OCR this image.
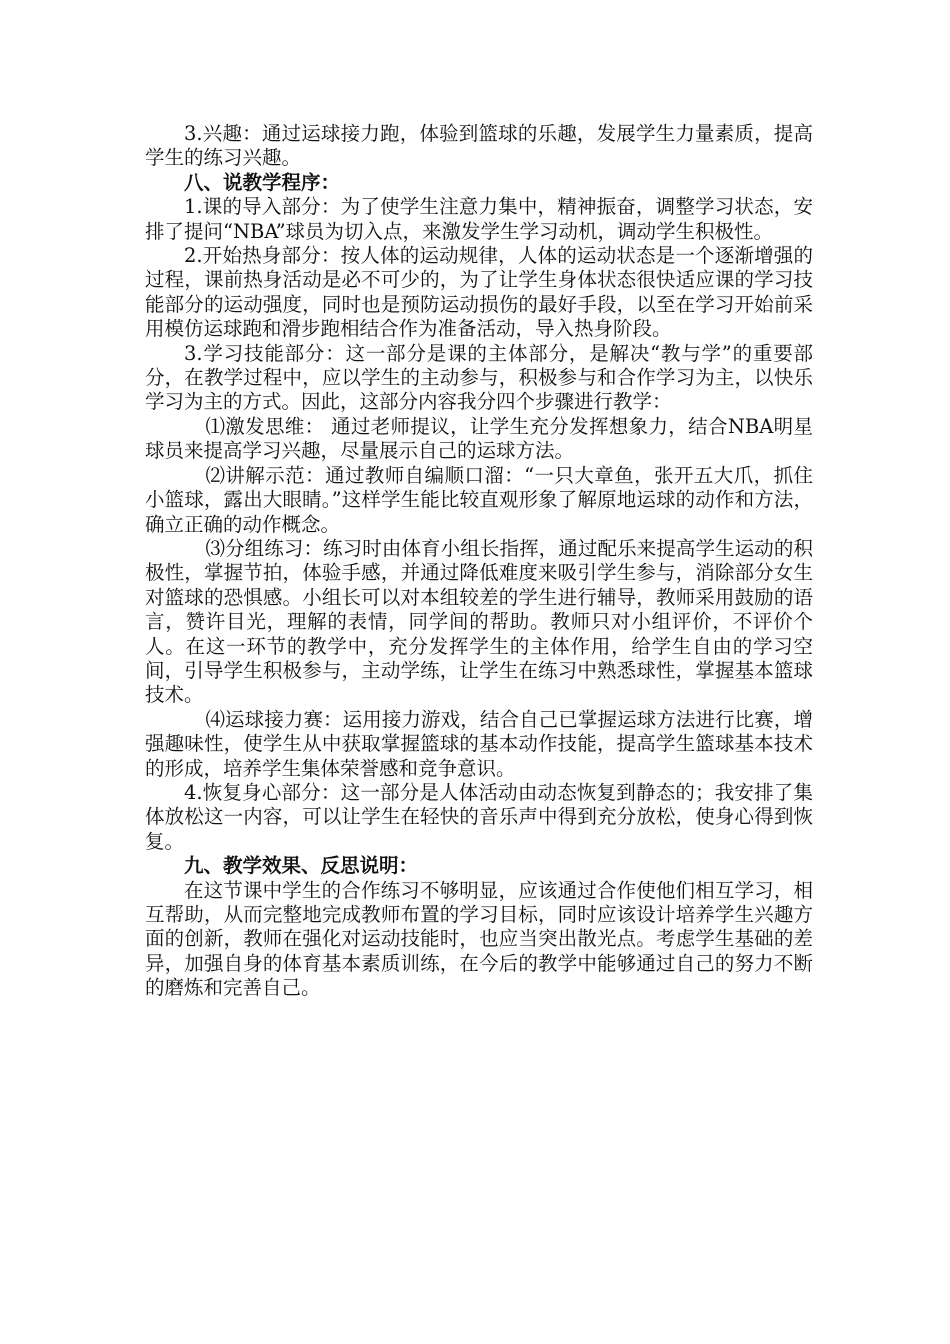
3.兴趣：通过运球接力跑，体验到篮球的乐趣，发展学生力量素质，提高学生的练习兴趣。

八、说教学程序：

1.课的导入部分：为了使学生注意力集中，精神振奋，调整学习状态，安排了提问“NBA”球员为切入点，来激发学生学习动机，调动学生积极性。

2.开始热身部分：按人体的运动规律，人体的运动状态是一个逐渐增强的过程，课前热身活动是必不可少的，为了让学生身体状态很快适应课的学习技能部分的运动强度，同时也是预防运动损伤的最好手段，以至在学习开始前采用模仿运球跑和滑步跑相结合作为准备活动，导入热身阶段。

3.学习技能部分：这一部分是课的主体部分，是解决“教与学”的重要部分，在教学过程中，应以学生的主动参与，积极参与和合作学习为主，以快乐学习为主的方式。因此，这部分内容我分四个步骤进行教学：

⑴激发思维： 通过老师提议，让学生充分发挥想象力，结合NBA明星球员来提高学习兴趣，尽量展示自己的运球方法。

⑵讲解示范：通过教师自编顺口溜：“一只大章鱼，张开五大爪，抓住小篮球，露出大眼睛。”这样学生能比较直观形象了解原地运球的动作和方法，确立正确的动作概念。

⑶分组练习：练习时由体育小组长指挥，通过配乐来提高学生运动的积极性，掌握节拍，体验手感，并通过降低难度来吸引学生参与，消除部分女生对篮球的恐惧感。小组长可以对本组较差的学生进行辅导，教师采用鼓励的语言，赞许目光，理解的表情，同学间的帮助。教师只对小组评价，不评价个人。在这一环节的教学中，充分发挥学生的主体作用，给学生自由的学习空间，引导学生积极参与，主动学练，让学生在练习中熟悉球性，掌握基本篮球技术。

⑷运球接力赛：运用接力游戏，结合自己已掌握运球方法进行比赛，增强趣味性，使学生从中获取掌握篮球的基本动作技能，提高学生篮球基本技术的形成，培养学生集体荣誉感和竞争意识。

4.恢复身心部分：这一部分是人体活动由动态恢复到静态的；我安排了集体放松这一内容，可以让学生在轻快的音乐声中得到充分放松，使身心得到恢复。

九、教学效果、反思说明：

在这节课中学生的合作练习不够明显，应该通过合作使他们相互学习，相互帮助，从而完整地完成教师布置的学习目标，同时应该设计培养学生兴趣方面的创新，教师在强化对运动技能时，也应当突出散光点。考虑学生基础的差异，加强自身的体育基本素质训练，在今后的教学中能够通过自己的努力不断的磨炼和完善自己。
